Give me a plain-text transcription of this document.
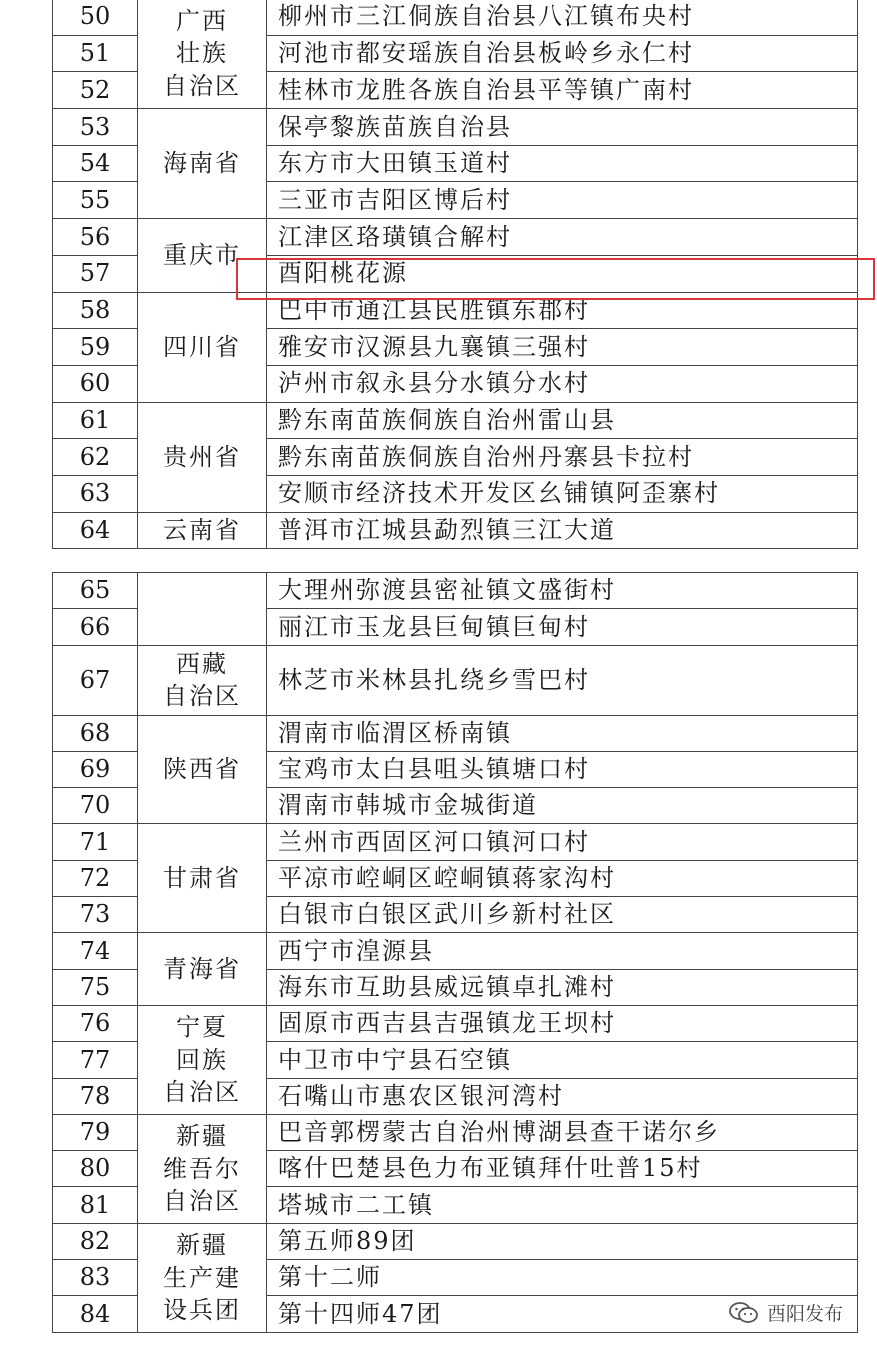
50	广西
壮族
自治区	柳州市三江侗族自治县八江镇布央村
51		河池市都安瑶族自治县板岭乡永仁村
52		桂林市龙胜各族自治县平等镇广南村
53	海南省	保亭黎族苗族自治县
54		东方市大田镇玉道村
55		三亚市吉阳区博后村
56	重庆市	江津区珞璜镇合解村
57		酉阳桃花源
58	四川省	巴中市通江县民胜镇东郡村
59		雅安市汉源县九襄镇三强村
60		泸州市叙永县分水镇分水村
61	贵州省	黔东南苗族侗族自治州雷山县
62		黔东南苗族侗族自治州丹寨县卡拉村
63		安顺市经济技术开发区幺铺镇阿歪寨村
64	云南省	普洱市江城县勐烈镇三江大道
65		大理州弥渡县密祉镇文盛街村
66		丽江市玉龙县巨甸镇巨甸村
67	西藏
自治区	林芝市米林县扎绕乡雪巴村
68	陕西省	渭南市临渭区桥南镇
69		宝鸡市太白县咀头镇塘口村
70		渭南市韩城市金城街道
71	甘肃省	兰州市西固区河口镇河口村
72		平凉市崆峒区崆峒镇蒋家沟村
73		白银市白银区武川乡新村社区
74	青海省	西宁市湟源县
75		海东市互助县威远镇卓扎滩村
76	宁夏
回族
自治区	固原市西吉县吉强镇龙王坝村
77		中卫市中宁县石空镇
78		石嘴山市惠农区银河湾村
79	新疆
维吾尔
自治区	巴音郭楞蒙古自治州博湖县查干诺尔乡
80		喀什巴楚县色力布亚镇拜什吐普15村
81		塔城市二工镇
82	新疆
生产建
设兵团	第五师89团
83		第十二师
84		第十四师47团	酉阳发布
